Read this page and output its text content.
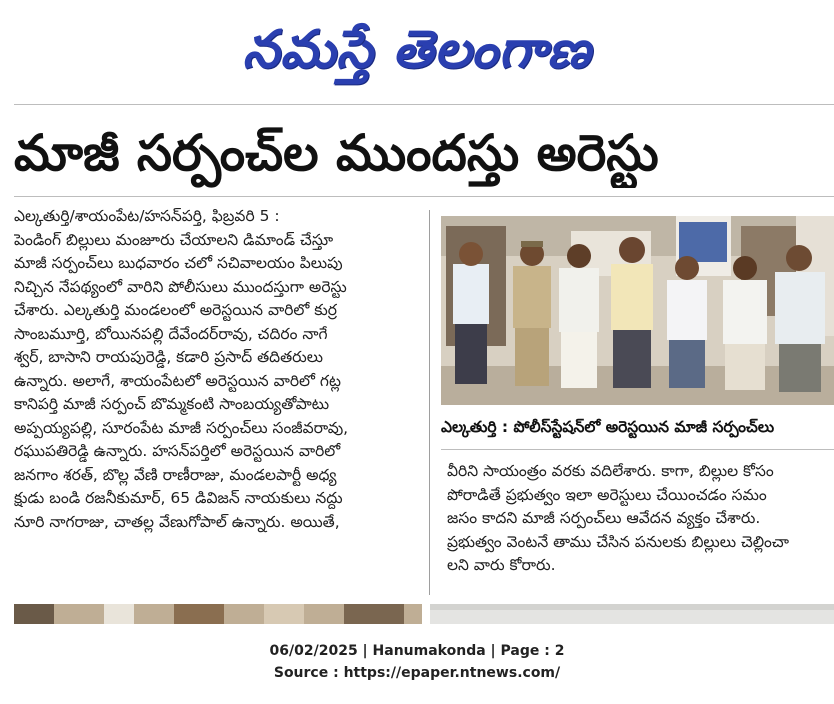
నమస్తే తెలంగాణ
మాజీ సర్పంచ్‌ల ముందస్తు అరెస్టు
ఎల్కతుర్తి/శాయంపేట/హసన్‌పర్తి, ఫిబ్రవరి 5 :
పెండింగ్ బిల్లులు మంజూరు చేయాలని డిమాండ్ చేస్తూ
మాజీ సర్పంచ్‌లు బుధవారం చలో సచివాలయం పిలుపు
నిచ్చిన నేపథ్యంలో వారిని పోలీసులు ముందస్తుగా అరెస్టు
చేశారు. ఎల్కతుర్తి మండలంలో అరెస్టయిన వారిలో కుర్ర
సాంబమూర్తి, బోయినపల్లి దేవేందర్‌రావు, చదిరం నాగే
శ్వర్, బాసాని రాయపురెడ్డి, కడారి ప్రసాద్ తదితరులు
ఉన్నారు. అలాగే, శాయంపేటలో అరెస్టయిన వారిలో గట్ల
కానిపర్తి మాజీ సర్పంచ్ బొమ్మకంటి సాంబయ్యతోపాటు
అప్పయ్యపల్లి, సూరంపేట మాజీ సర్పంచ్‌లు సంజీవరావు,
రఘుపతిరెడ్డి ఉన్నారు. హసన్‌పర్తిలో అరెస్టయిన వారిలో
జనగాం శరత్, బొల్ల వేణి రాణీరాజు, మండలపార్టీ అధ్య
క్షుడు బండి రజనీకుమార్, 65 డివిజన్ నాయకులు నద్దు
నూరి నాగరాజు, చాతల్ల వేణుగోపాల్ ఉన్నారు. అయితే,
ఎల్కతుర్తి : పోలీస్‌స్టేషన్‌లో అరెస్టయిన మాజీ సర్పంచ్‌లు
వీరిని సాయంత్రం వరకు వదిలేశారు. కాగా, బిల్లుల కోసం
పోరాడితే ప్రభుత్వం ఇలా అరెస్టులు చేయించడం సమం
జసం కాదని మాజీ సర్పంచ్‌లు ఆవేదన వ్యక్తం చేశారు.
ప్రభుత్వం వెంటనే తాము చేసిన పనులకు బిల్లులు చెల్లించా
లని వారు కోరారు.
06/02/2025 | Hanumakonda | Page : 2
Source : https://epaper.ntnews.com/
